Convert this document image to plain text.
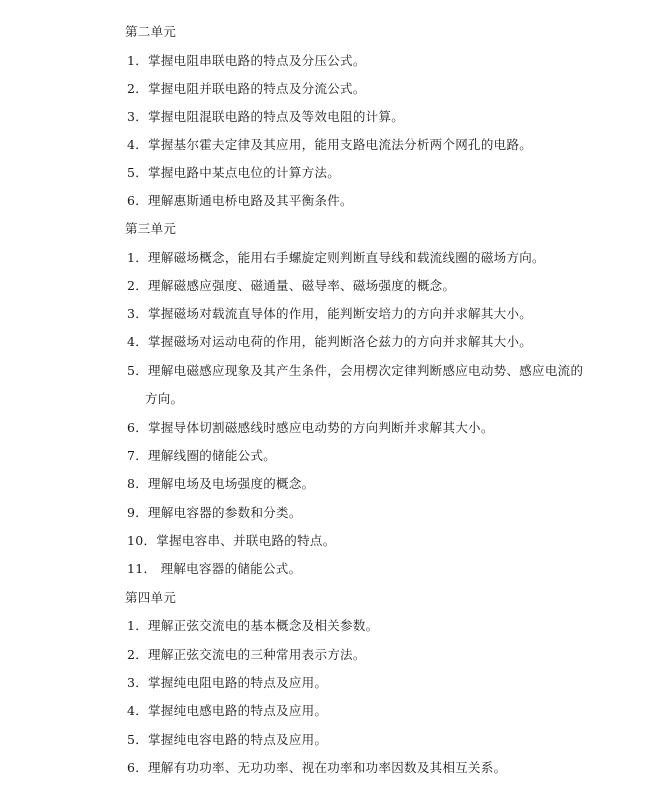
第二单元
1．掌握电阻串联电路的特点及分压公式。
2．掌握电阻并联电路的特点及分流公式。
3．掌握电阻混联电路的特点及等效电阻的计算。
4．掌握基尔霍夫定律及其应用，能用支路电流法分析两个网孔的电路。
5．掌握电路中某点电位的计算方法。
6．理解惠斯通电桥电路及其平衡条件。
第三单元
1．理解磁场概念，能用右手螺旋定则判断直导线和载流线圈的磁场方向。
2．理解磁感应强度、磁通量、磁导率、磁场强度的概念。
3．掌握磁场对载流直导体的作用，能判断安培力的方向并求解其大小。
4．掌握磁场对运动电荷的作用，能判断洛仑兹力的方向并求解其大小。
5．理解电磁感应现象及其产生条件，会用楞次定律判断感应电动势、感应电流的
方向。
6．掌握导体切割磁感线时感应电动势的方向判断并求解其大小。
7．理解线圈的储能公式。
8．理解电场及电场强度的概念。
9．理解电容器的参数和分类。
10．掌握电容串、并联电路的特点。
11． 理解电容器的储能公式。
第四单元
1．理解正弦交流电的基本概念及相关参数。
2．理解正弦交流电的三种常用表示方法。
3．掌握纯电阻电路的特点及应用。
4．掌握纯电感电路的特点及应用。
5．掌握纯电容电路的特点及应用。
6．理解有功功率、无功功率、视在功率和功率因数及其相互关系。
